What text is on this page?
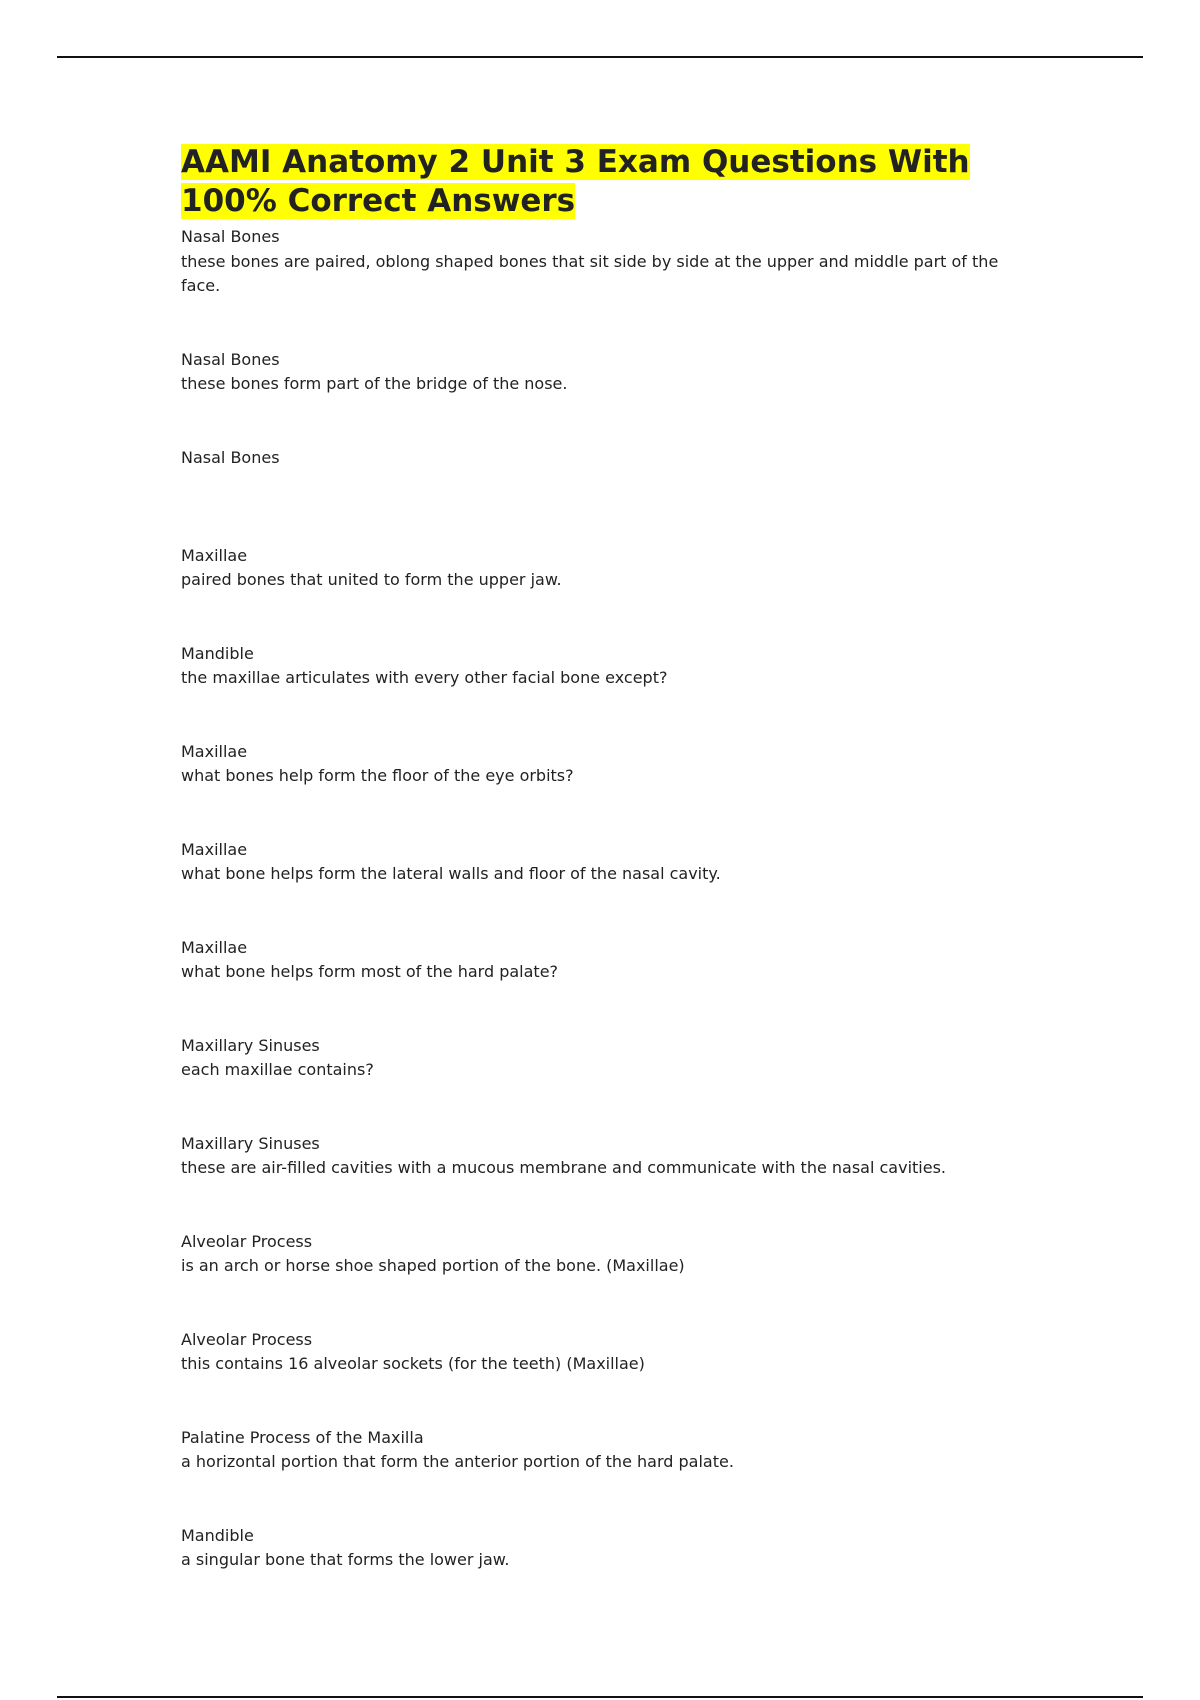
AAMI Anatomy 2 Unit 3 Exam Questions With 100% Correct Answers
Nasal Bones
these bones are paired, oblong shaped bones that sit side by side at the upper and middle part of the face.
Nasal Bones
these bones form part of the bridge of the nose.
Nasal Bones

Maxillae
paired bones that united to form the upper jaw.
Mandible
the maxillae articulates with every other facial bone except?
Maxillae
what bones help form the floor of the eye orbits?
Maxillae
what bone helps form the lateral walls and floor of the nasal cavity.
Maxillae
what bone helps form most of the hard palate?
Maxillary Sinuses
each maxillae contains?
Maxillary Sinuses
these are air-filled cavities with a mucous membrane and communicate with the nasal cavities.
Alveolar Process
is an arch or horse shoe shaped portion of the bone. (Maxillae)
Alveolar Process
this contains 16 alveolar sockets (for the teeth) (Maxillae)
Palatine Process of the Maxilla
a horizontal portion that form the anterior portion of the hard palate.
Mandible
a singular bone that forms the lower jaw.
